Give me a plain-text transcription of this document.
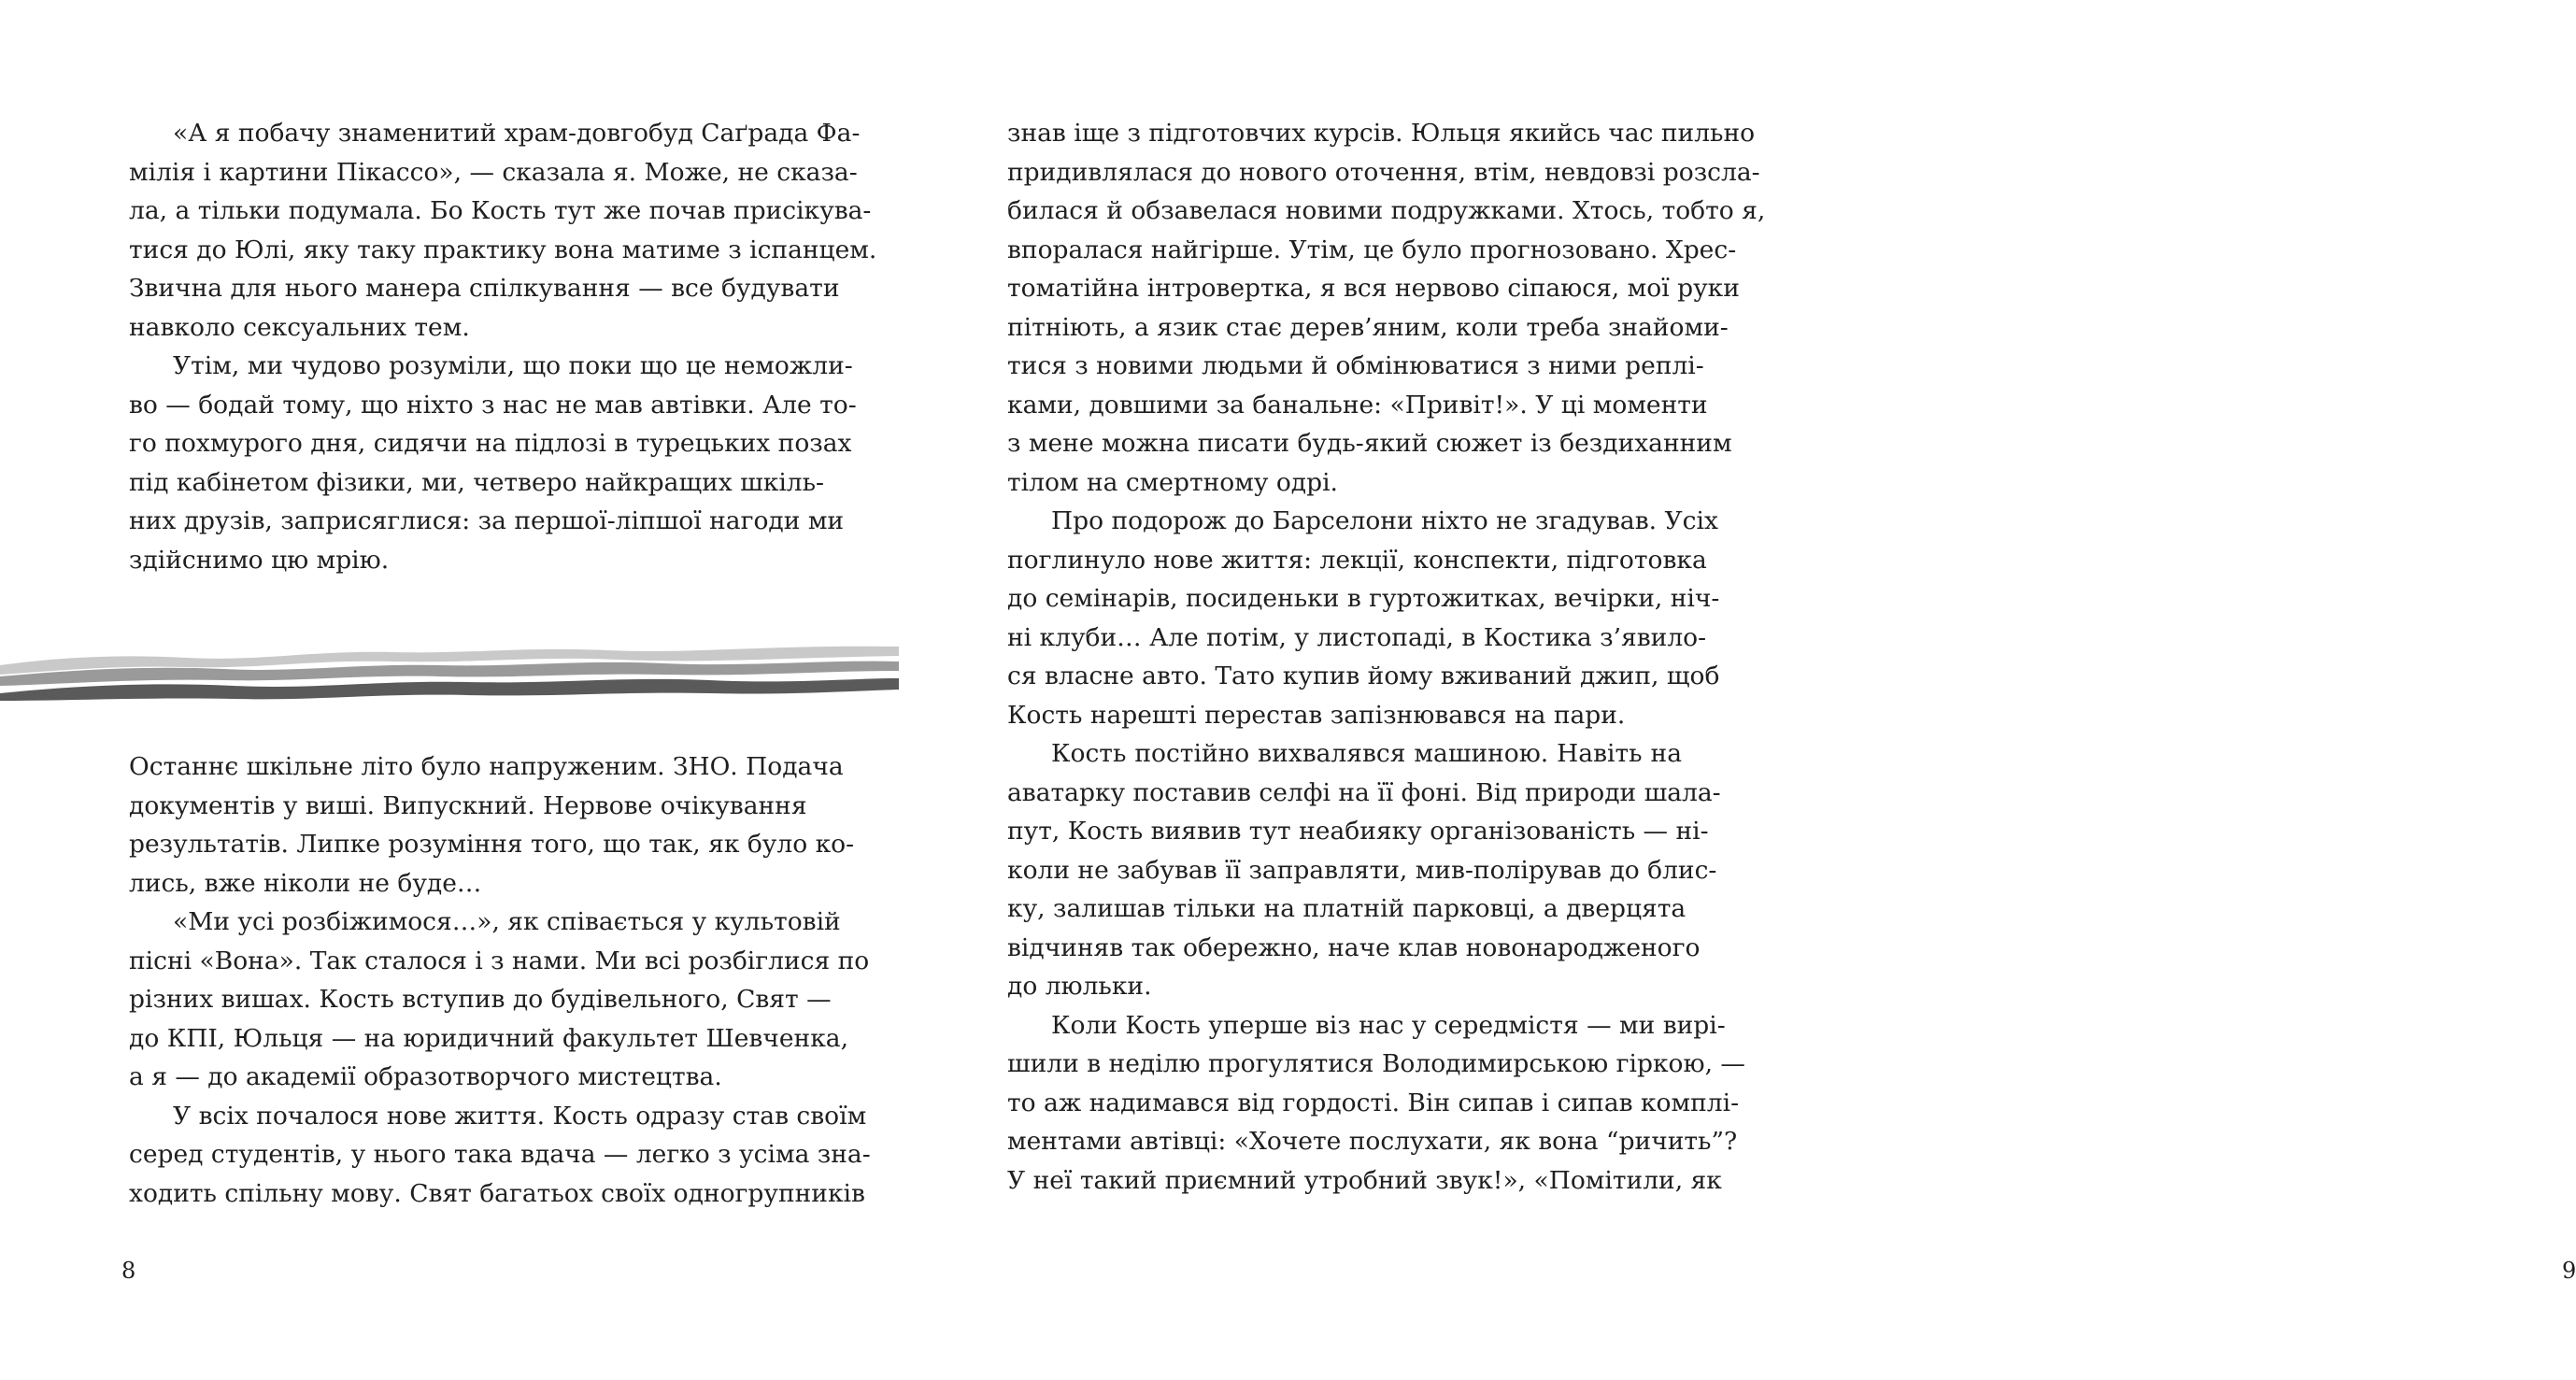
«А я побачу знаменитий храм-довгобуд Саґрада Фа-
мілія і картини Пікассо», — сказала я. Може, не сказа-
ла, а тільки подумала. Бо Кость тут же почав присікува-
тися до Юлі, яку таку практику вона матиме з іспанцем.
Звична для нього манера спілкування — все будувати
навколо сексуальних тем.

Утім, ми чудово розуміли, що поки що це неможли-
во — бодай тому, що ніхто з нас не мав автівки. Але то-
го похмурого дня, сидячи на підлозі в турецьких позах
під кабінетом фізики, ми, четверо найкращих шкіль-
них друзів, заприсяглися: за першої-ліпшої нагоди ми
здійснимо цю мрію.

Останнє шкільне літо було напруженим. ЗНО. Подача
документів у виші. Випускний. Нервове очікування
результатів. Липке розуміння того, що так, як було ко-
лись, вже ніколи не буде…

«Ми усі розбіжимося…», як співається у культовій
пісні «Вона». Так сталося і з нами. Ми всі розбіглися по
різних вишах. Кость вступив до будівельного, Свят —
до КПІ, Юльця — на юридичний факультет Шевченка,
а я — до академії образотворчого мистецтва.

У всіх почалося нове життя. Кость одразу став своїм
серед студентів, у нього така вдача — легко з усіма зна-
ходить спільну мову. Свят багатьох своїх одногрупників

8

знав іще з підготовчих курсів. Юльця якийсь час пильно
придивлялася до нового оточення, втім, невдовзі розсла-
билася й обзавелася новими подружками. Хтось, тобто я,
впоралася найгірше. Утім, це було прогнозовано. Хрес-
томатійна інтровертка, я вся нервово сіпаюся, мої руки
пітніють, а язик стає дерев’яним, коли треба знайоми-
тися з новими людьми й обмінюватися з ними реплі-
ками, довшими за банальне: «Привіт!». У ці моменти
з мене можна писати будь-який сюжет із бездиханним
тілом на смертному одрі.

Про подорож до Барселони ніхто не згадував. Усіх
поглинуло нове життя: лекції, конспекти, підготовка
до семінарів, посиденьки в гуртожитках, вечірки, ніч-
ні клуби… Але потім, у листопаді, в Костика з’явило-
ся власне авто. Тато купив йому вживаний джип, щоб
Кость нарешті перестав запізнювався на пари.

Кость постійно вихвалявся машиною. Навіть на
аватарку поставив селфі на її фоні. Від природи шала-
пут, Кость виявив тут неабияку організованість — ні-
коли не забував її заправляти, мив-полірував до блис-
ку, залишав тільки на платній парковці, а дверцята
відчиняв так обережно, наче клав новонародженого
до люльки.

Коли Кость уперше віз нас у середмістя — ми вирі-
шили в неділю прогулятися Володимирською гіркою, —
то аж надимався від гордості. Він сипав і сипав комплі-
ментами автівці: «Хочете послухати, як вона “ричить”?
У неї такий приємний утробний звук!», «Помітили, як

9
